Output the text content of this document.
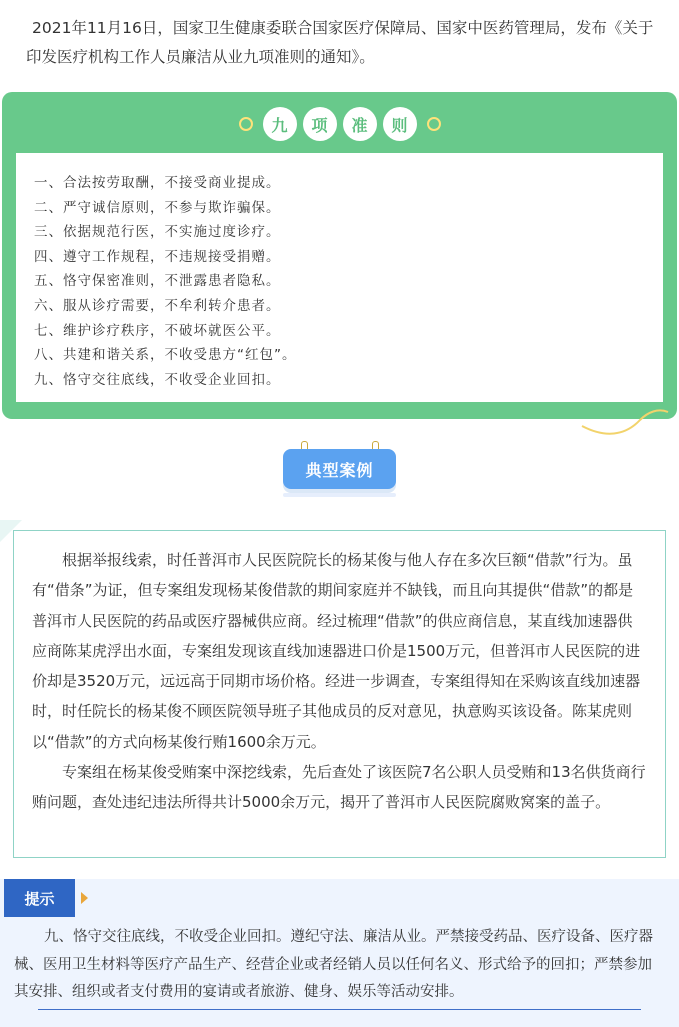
2021年11月16日，国家卫生健康委联合国家医疗保障局、国家中医药管理局，发布《关于印发医疗机构工作人员廉洁从业九项准则的通知》。

九	项	准	则
一、合法按劳取酬，不接受商业提成。
二、严守诚信原则，不参与欺诈骗保。
三、依据规范行医，不实施过度诊疗。
四、遵守工作规程，不违规接受捐赠。
五、恪守保密准则，不泄露患者隐私。
六、服从诊疗需要，不牟利转介患者。
七、维护诊疗秩序，不破坏就医公平。
八、共建和谐关系，不收受患方“红包”。
九、恪守交往底线，不收受企业回扣。
典型案例

根据举报线索，时任普洱市人民医院院长的杨某俊与他人存在多次巨额“借款”行为。虽有“借条”为证，但专案组发现杨某俊借款的期间家庭并不缺钱，而且向其提供“借款”的都是普洱市人民医院的药品或医疗器械供应商。经过梳理“借款”的供应商信息，某直线加速器供应商陈某虎浮出水面，专案组发现该直线加速器进口价是1500万元，但普洱市人民医院的进价却是3520万元，远远高于同期市场价格。经进一步调查，专案组得知在采购该直线加速器时，时任院长的杨某俊不顾医院领导班子其他成员的反对意见，执意购买该设备。陈某虎则以“借款”的方式向杨某俊行贿1600余万元。

专案组在杨某俊受贿案中深挖线索，先后查处了该医院7名公职人员受贿和13名供货商行贿问题，查处违纪违法所得共计5000余万元，揭开了普洱市人民医院腐败窝案的盖子。

提示

九、恪守交往底线，不收受企业回扣。遵纪守法、廉洁从业。严禁接受药品、医疗设备、医疗器械、医用卫生材料等医疗产品生产、经营企业或者经销人员以任何名义、形式给予的回扣；严禁参加其安排、组织或者支付费用的宴请或者旅游、健身、娱乐等活动安排。
